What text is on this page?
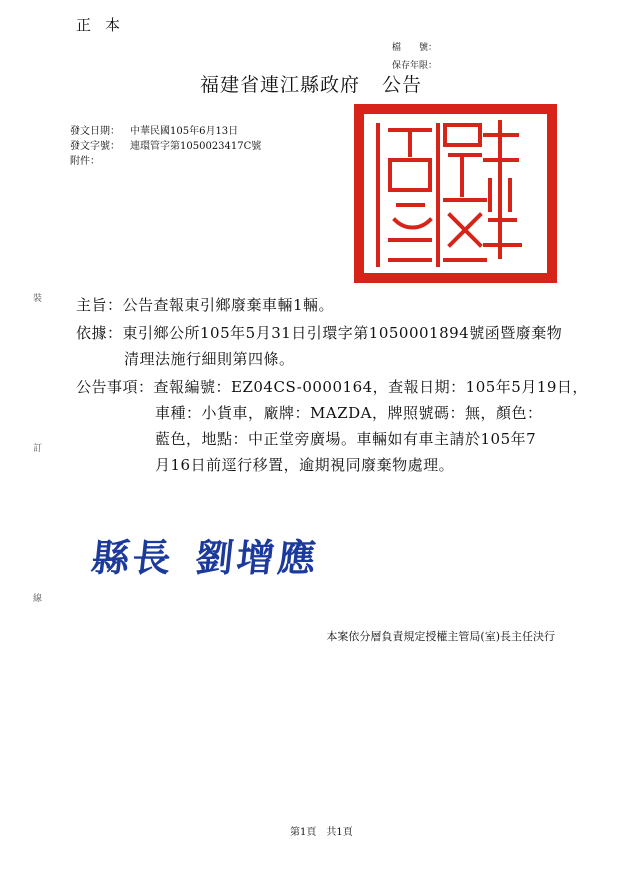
正本
檔　　號：
保存年限：
福建省連江縣政府 公告
發文日期： 中華民國105年6月13日
發文字號： 連環管字第1050023417C號
附件：
裝
訂
線
主旨：公告查報東引鄉廢棄車輛1輛。
依據：東引鄉公所105年5月31日引環字第1050001894號函暨廢棄物
清理法施行細則第四條。
公告事項：查報編號：EZ04CS-0000164，查報日期：105年5月19日，
車種：小貨車，廠牌：MAZDA，牌照號碼：無，顏色：
藍色，地點：中正堂旁廣場。車輛如有車主請於105年7
月16日前逕行移置，逾期視同廢棄物處理。
縣長 劉增應
本案依分層負責規定授權主管局(室)長主任決行
第1頁 共1頁
